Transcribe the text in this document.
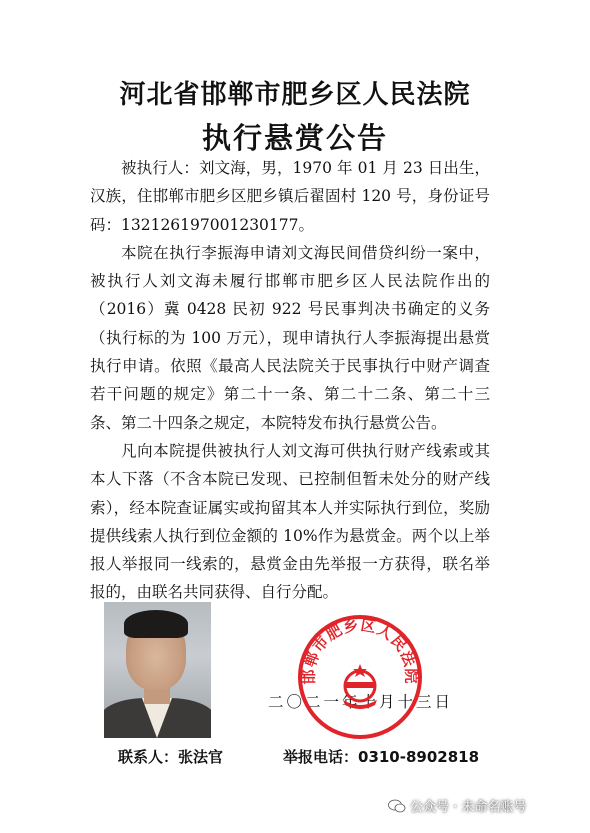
河北省邯郸市肥乡区人民法院
执行悬赏公告

被执行人：刘文海，男，1970 年 01 月 23 日出生，汉族，住邯郸市肥乡区肥乡镇后翟固村 120 号，身份证号码：132126197001230177。

本院在执行李振海申请刘文海民间借贷纠纷一案中，被执行人刘文海未履行邯郸市肥乡区人民法院作出的（2016）冀 0428 民初 922 号民事判决书确定的义务（执行标的为 100 万元），现申请执行人李振海提出悬赏执行申请。依照《最高人民法院关于民事执行中财产调查若干问题的规定》第二十一条、第二十二条、第二十三条、第二十四条之规定，本院特发布执行悬赏公告。

凡向本院提供被执行人刘文海可供执行财产线索或其本人下落（不含本院已发现、已控制但暂未处分的财产线索），经本院查证属实或拘留其本人并实际执行到位，奖励提供线索人执行到位金额的 10%作为悬赏金。两个以上举报人举报同一线索的，悬赏金由先举报一方获得，联名举报的，由联名共同获得、自行分配。

二〇二一年十月十三日
邯郸市肥乡区人民法院
联系人：张法官	举报电话：0310-8902818
公众号 · 未命名账号
